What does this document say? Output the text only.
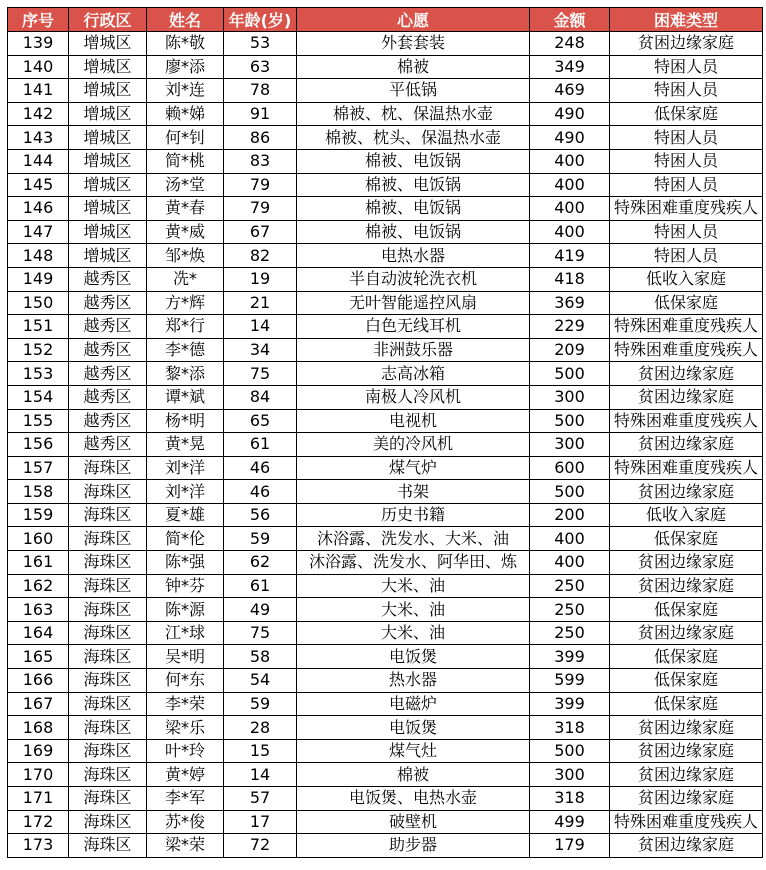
序号	行政区	姓名	年龄(岁)	心愿	金额	困难类型
139	增城区	陈*敬	53	外套套装	248	贫困边缘家庭
140	增城区	廖*添	63	棉被	349	特困人员
141	增城区	刘*连	78	平低锅	469	特困人员
142	增城区	赖*娣	91	棉被、枕、保温热水壶	490	低保家庭
143	增城区	何*钊	86	棉被、枕头、保温热水壶	490	特困人员
144	增城区	简*桃	83	棉被、电饭锅	400	特困人员
145	增城区	汤*堂	79	棉被、电饭锅	400	特困人员
146	增城区	黄*春	79	棉被、电饭锅	400	特殊困难重度残疾人
147	增城区	黄*威	67	棉被、电饭锅	400	特困人员
148	增城区	邹*焕	82	电热水器	419	特困人员
149	越秀区	冼*	19	半自动波轮洗衣机	418	低收入家庭
150	越秀区	方*辉	21	无叶智能遥控风扇	369	低保家庭
151	越秀区	郑*行	14	白色无线耳机	229	特殊困难重度残疾人
152	越秀区	李*德	34	非洲鼓乐器	209	特殊困难重度残疾人
153	越秀区	黎*添	75	志高冰箱	500	贫困边缘家庭
154	越秀区	谭*斌	84	南极人冷风机	300	贫困边缘家庭
155	越秀区	杨*明	65	电视机	500	特殊困难重度残疾人
156	越秀区	黄*晃	61	美的冷风机	300	贫困边缘家庭
157	海珠区	刘*洋	46	煤气炉	600	特殊困难重度残疾人
158	海珠区	刘*洋	46	书架	500	贫困边缘家庭
159	海珠区	夏*雄	56	历史书籍	200	低收入家庭
160	海珠区	简*伦	59	沐浴露、洗发水、大米、油	400	低保家庭
161	海珠区	陈*强	62	沐浴露、洗发水、阿华田、炼	400	贫困边缘家庭
162	海珠区	钟*芬	61	大米、油	250	贫困边缘家庭
163	海珠区	陈*源	49	大米、油	250	低保家庭
164	海珠区	江*球	75	大米、油	250	贫困边缘家庭
165	海珠区	吴*明	58	电饭煲	399	低保家庭
166	海珠区	何*东	54	热水器	599	低保家庭
167	海珠区	李*荣	59	电磁炉	399	低保家庭
168	海珠区	梁*乐	28	电饭煲	318	贫困边缘家庭
169	海珠区	叶*玲	15	煤气灶	500	贫困边缘家庭
170	海珠区	黄*婷	14	棉被	300	贫困边缘家庭
171	海珠区	李*军	57	电饭煲、电热水壶	318	贫困边缘家庭
172	海珠区	苏*俊	17	破壁机	499	特殊困难重度残疾人
173	海珠区	梁*荣	72	助步器	179	贫困边缘家庭
